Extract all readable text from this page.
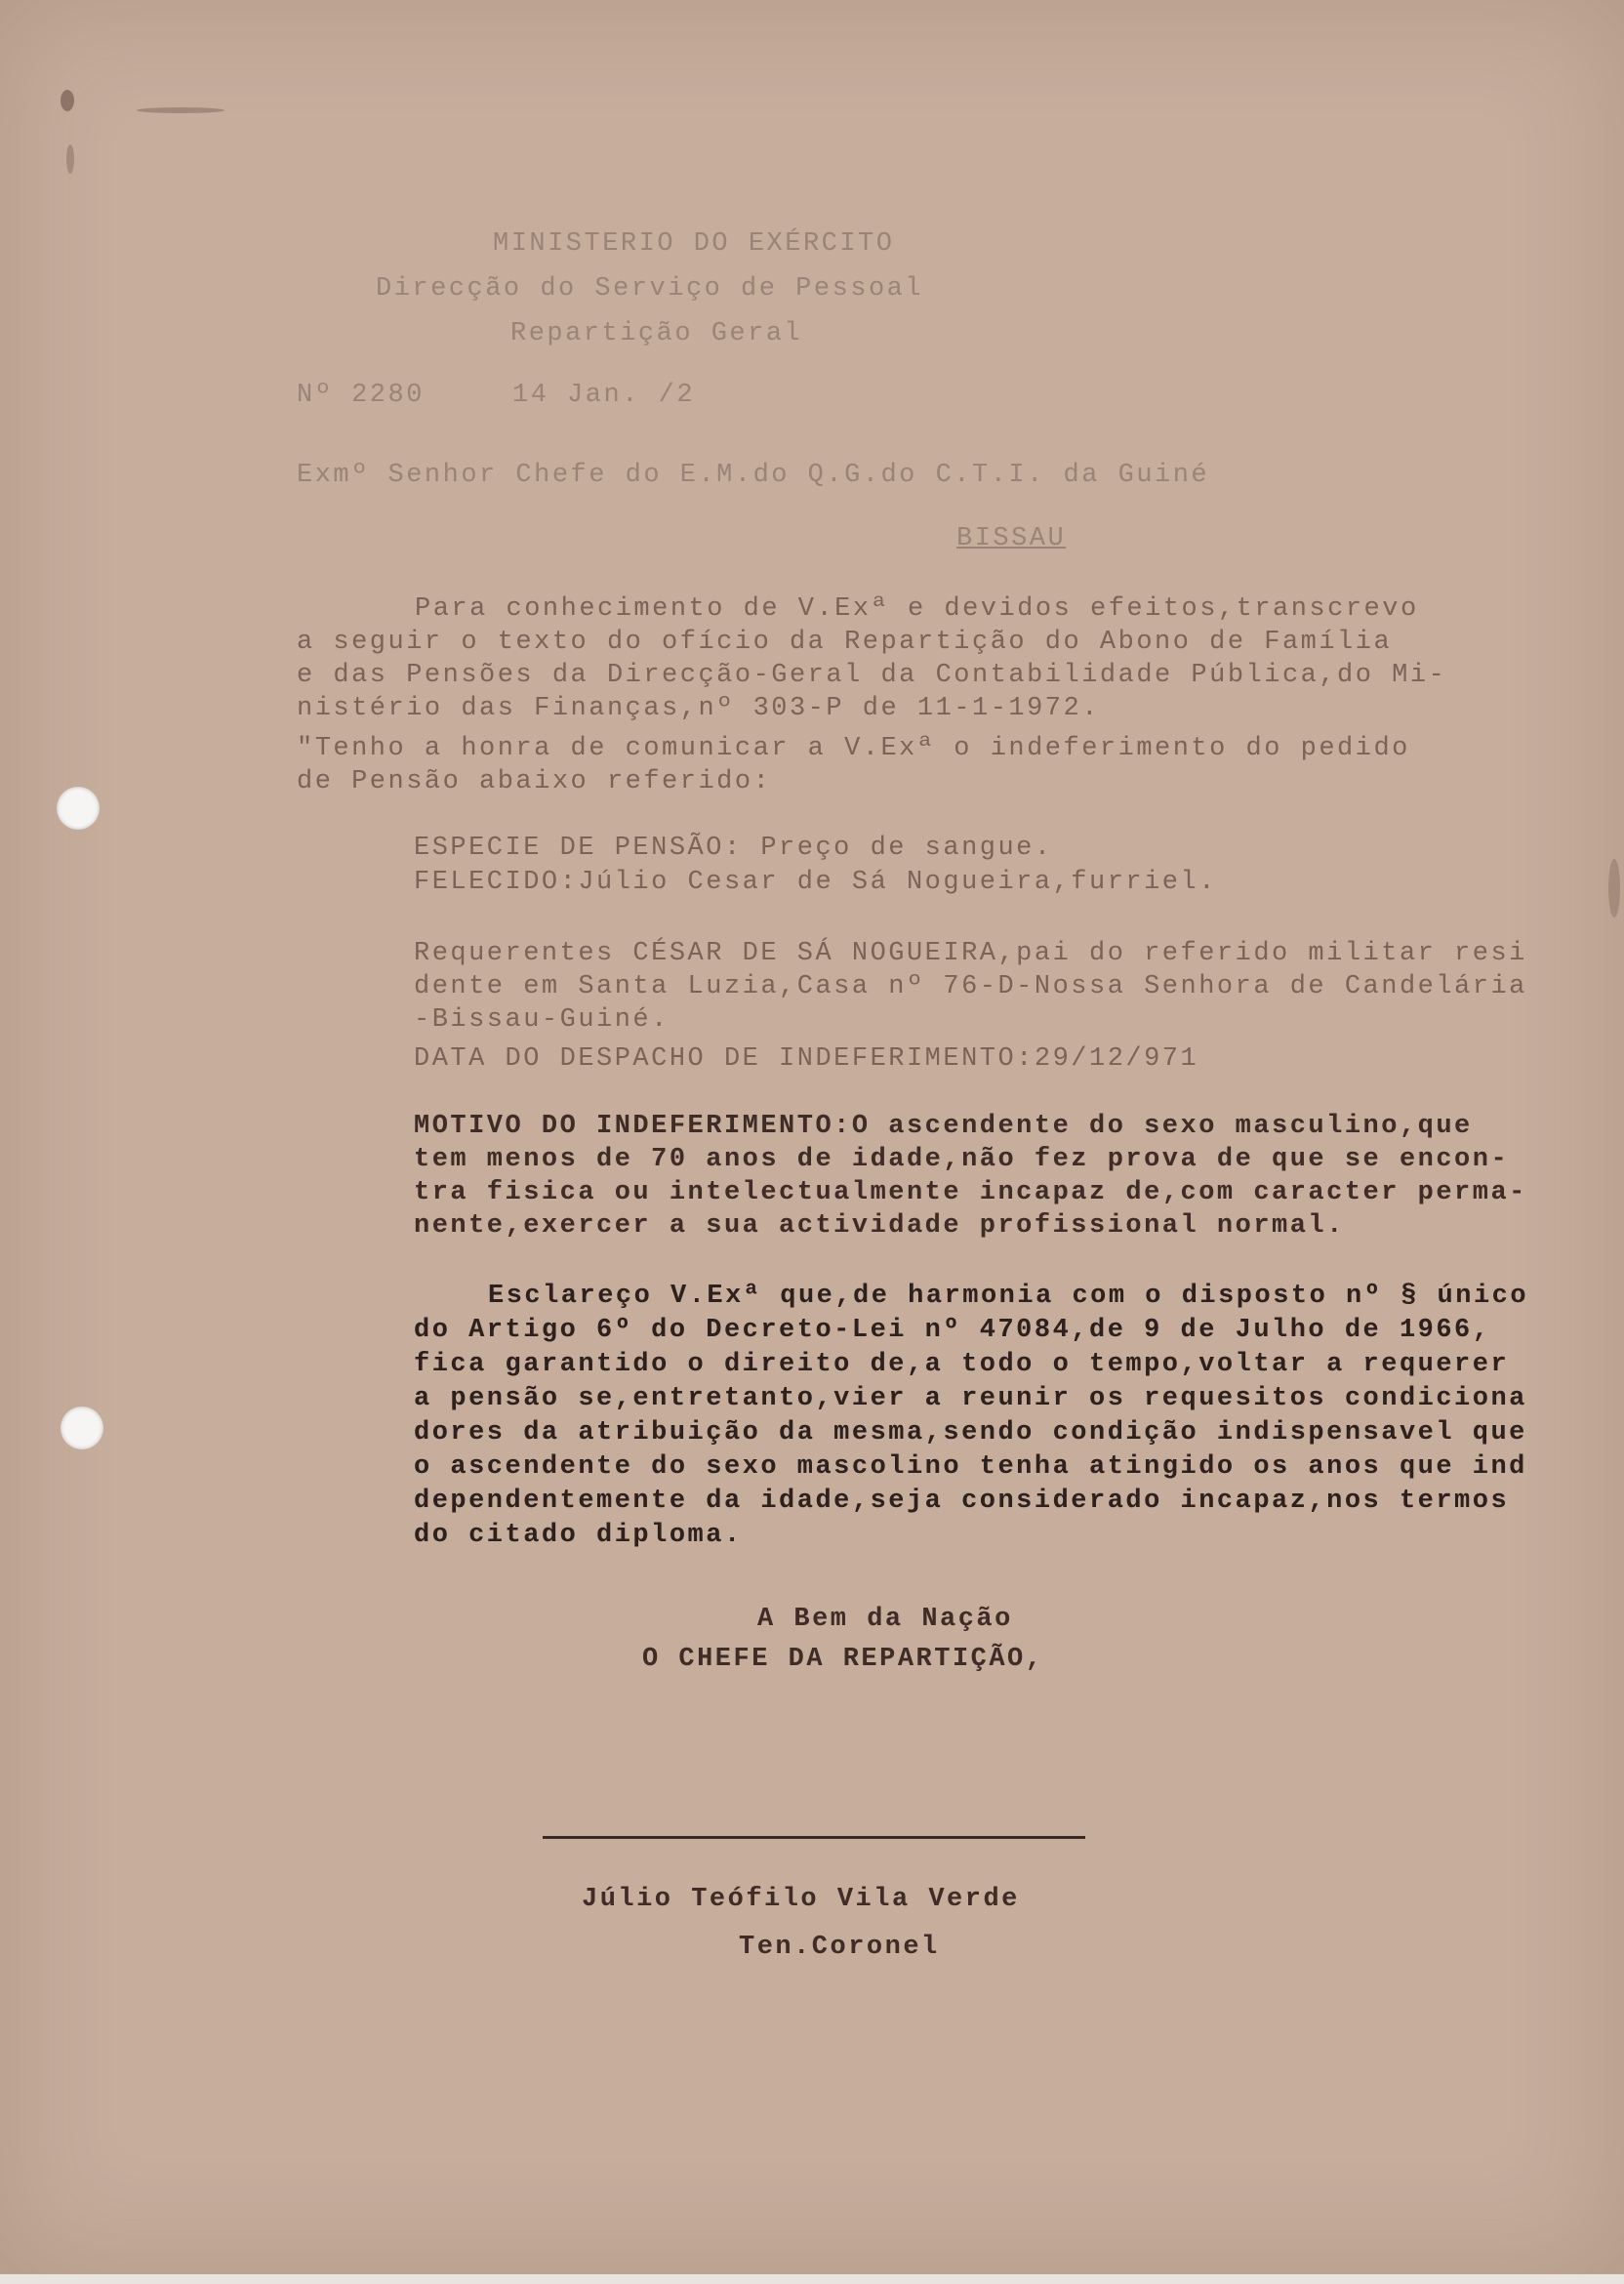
MINISTERIO DO EXÉRCITO
Direcção do Serviço de Pessoal
Repartição Geral
Nº 2280	14 Jan. /2
Exmº Senhor Chefe do E.M.do Q.G.do C.T.I. da Guiné
BISSAU
Para conhecimento de V.Exª e devidos efeitos,transcrevo
a seguir o texto do ofício da Repartição do Abono de Família
e das Pensões da Direcção-Geral da Contabilidade Pública,do Mi-
nistério das Finanças,nº 303-P de 11-1-1972.
"Tenho a honra de comunicar a V.Exª o indeferimento do pedido
de Pensão abaixo referido:
ESPECIE DE PENSÃO: Preço de sangue.
FELECIDO:Júlio Cesar de Sá Nogueira,furriel.
Requerentes CÉSAR DE SÁ NOGUEIRA,pai do referido militar resi
dente em Santa Luzia,Casa nº 76-D-Nossa Senhora de Candelária
-Bissau-Guiné.
DATA DO DESPACHO DE INDEFERIMENTO:29/12/971
MOTIVO DO INDEFERIMENTO:O ascendente do sexo masculino,que
tem menos de 70 anos de idade,não fez prova de que se encon-
tra fisica ou intelectualmente incapaz de,com caracter perma-
nente,exercer a sua actividade profissional normal.
Esclareço V.Exª que,de harmonia com o disposto nº § único
do Artigo 6º do Decreto-Lei nº 47084,de 9 de Julho de 1966,
fica garantido o direito de,a todo o tempo,voltar a requerer
a pensão se,entretanto,vier a reunir os requesitos condiciona
dores da atribuição da mesma,sendo condição indispensavel que
o ascendente do sexo mascolino tenha atingido os anos que ind
dependentemente da idade,seja considerado incapaz,nos termos
do citado diploma.
A Bem da Nação
O CHEFE DA REPARTIÇÃO,
Júlio Teófilo Vila Verde
Ten.Coronel
